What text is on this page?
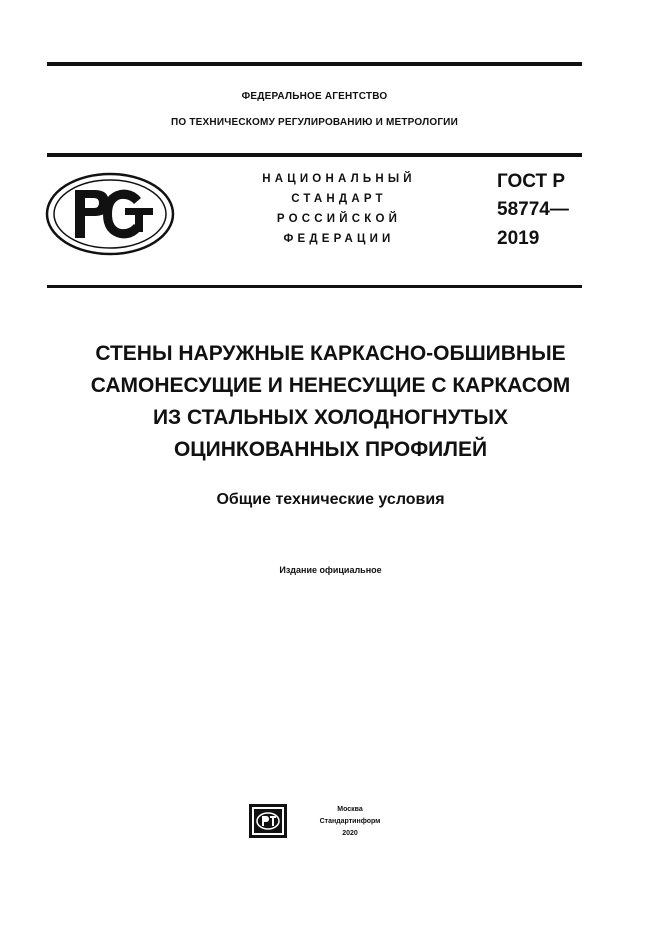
ФЕДЕРАЛЬНОЕ АГЕНТСТВО
ПО ТЕХНИЧЕСКОМУ РЕГУЛИРОВАНИЮ И МЕТРОЛОГИИ
НАЦИОНАЛЬНЫЙ
СТАНДАРТ
РОССИЙСКОЙ
ФЕДЕРАЦИИ
ГОСТ Р
58774—
2019
СТЕНЫ НАРУЖНЫЕ КАРКАСНО-ОБШИВНЫЕ
САМОНЕСУЩИЕ И НЕНЕСУЩИЕ С КАРКАСОМ
ИЗ СТАЛЬНЫХ ХОЛОДНОГНУТЫХ
ОЦИНКОВАННЫХ ПРОФИЛЕЙ
Общие технические условия
Издание официальное
Москва
Стандартинформ
2020
